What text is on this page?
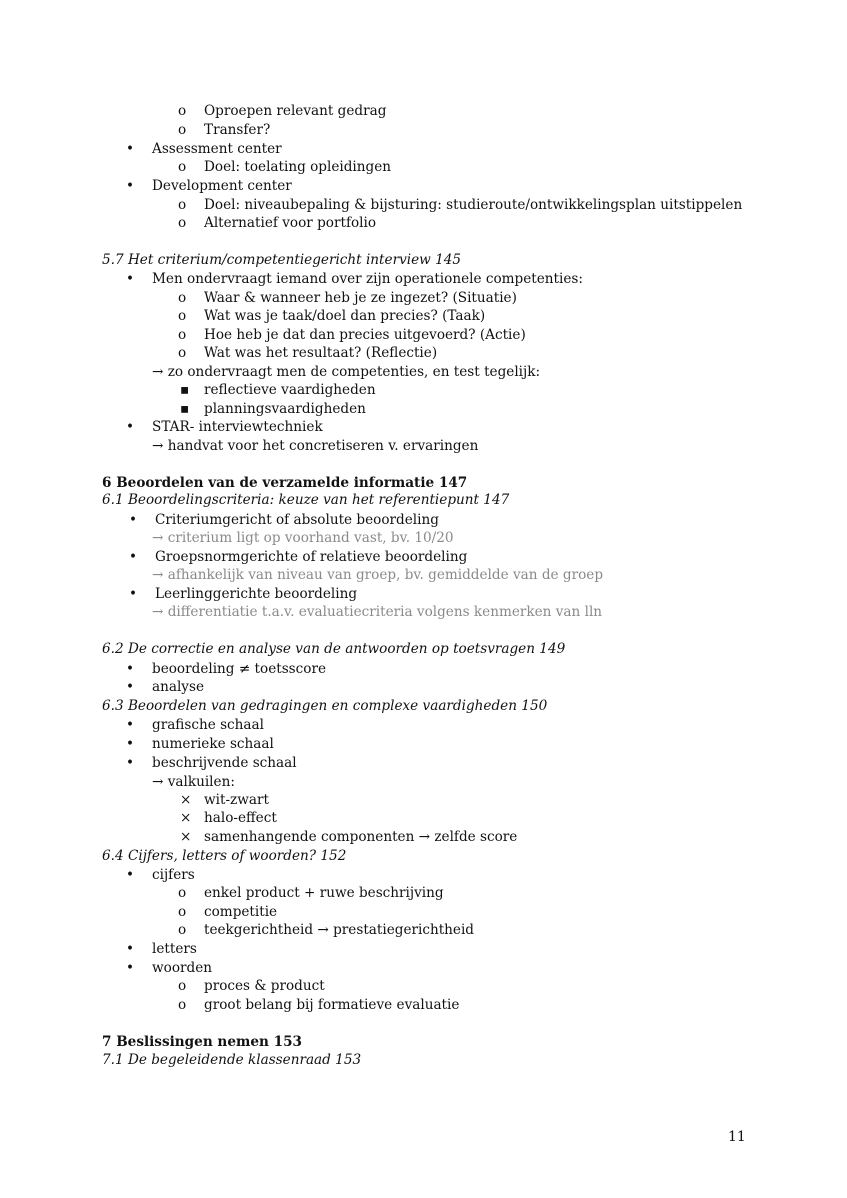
o Oproepen relevant gedrag
o Transfer?
• Assessment center
o Doel: toelating opleidingen
• Development center
o Doel: niveaubepaling & bijsturing: studieroute/ontwikkelingsplan uitstippelen
o Alternatief voor portfolio
5.7 Het criterium/competentiegericht interview 145
• Men ondervraagt iemand over zijn operationele competenties:
o Waar & wanneer heb je ze ingezet? (Situatie)
o Wat was je taak/doel dan precies? (Taak)
o Hoe heb je dat dan precies uitgevoerd? (Actie)
o Wat was het resultaat? (Reflectie)
→ zo ondervraagt men de competenties, en test tegelijk:
▪ reflectieve vaardigheden
▪ planningsvaardigheden
• STAR- interviewtechniek
→ handvat voor het concretiseren v. ervaringen
6 Beoordelen van de verzamelde informatie 147
6.1 Beoordelingscriteria: keuze van het referentiepunt 147
• Criteriumgericht of absolute beoordeling
→ criterium ligt op voorhand vast, bv. 10/20
• Groepsnormgerichte of relatieve beoordeling
→ afhankelijk van niveau van groep, bv. gemiddelde van de groep
• Leerlinggerichte beoordeling
→ differentiatie t.a.v. evaluatiecriteria volgens kenmerken van lln
6.2 De correctie en analyse van de antwoorden op toetsvragen 149
• beoordeling ≠ toetsscore
• analyse
6.3 Beoordelen van gedragingen en complexe vaardigheden 150
• grafische schaal
• numerieke schaal
• beschrijvende schaal
→ valkuilen:
× wit-zwart
× halo-effect
× samenhangende componenten → zelfde score
6.4 Cijfers, letters of woorden? 152
• cijfers
o enkel product + ruwe beschrijving
o competitie
o teekgerichtheid → prestatiegerichtheid
• letters
• woorden
o proces & product
o groot belang bij formatieve evaluatie
7 Beslissingen nemen 153
7.1 De begeleidende klassenraad 153
11
